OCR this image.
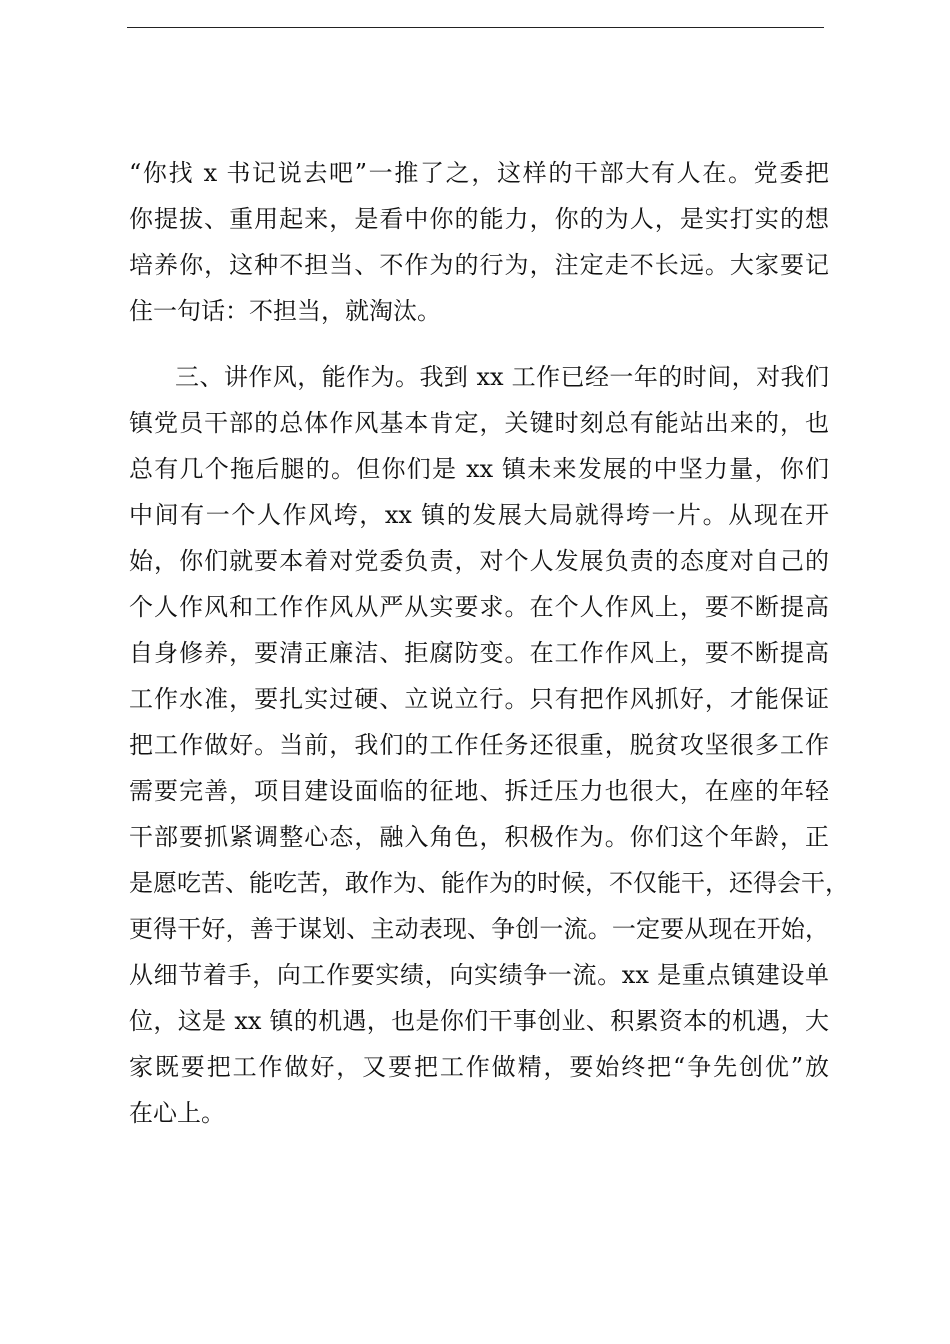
“你找 x 书记说去吧”一推了之，这样的干部大有人在。党委把
你提拔、重用起来，是看中你的能力，你的为人，是实打实的想
培养你，这种不担当、不作为的行为，注定走不长远。大家要记
住一句话：不担当，就淘汰。
三、讲作风，能作为。我到 xx 工作已经一年的时间，对我们
镇党员干部的总体作风基本肯定，关键时刻总有能站出来的，也
总有几个拖后腿的。但你们是 xx 镇未来发展的中坚力量，你们
中间有一个人作风垮，xx 镇的发展大局就得垮一片。从现在开
始，你们就要本着对党委负责，对个人发展负责的态度对自己的
个人作风和工作作风从严从实要求。在个人作风上，要不断提高
自身修养，要清正廉洁、拒腐防变。在工作作风上，要不断提高
工作水准，要扎实过硬、立说立行。只有把作风抓好，才能保证
把工作做好。当前，我们的工作任务还很重，脱贫攻坚很多工作
需要完善，项目建设面临的征地、拆迁压力也很大，在座的年轻
干部要抓紧调整心态，融入角色，积极作为。你们这个年龄，正
是愿吃苦、能吃苦，敢作为、能作为的时候，不仅能干，还得会干，
更得干好，善于谋划、主动表现、争创一流。一定要从现在开始，
从细节着手，向工作要实绩，向实绩争一流。xx 是重点镇建设单
位，这是 xx 镇的机遇，也是你们干事创业、积累资本的机遇，大
家既要把工作做好，又要把工作做精，要始终把“争先创优”放
在心上。
